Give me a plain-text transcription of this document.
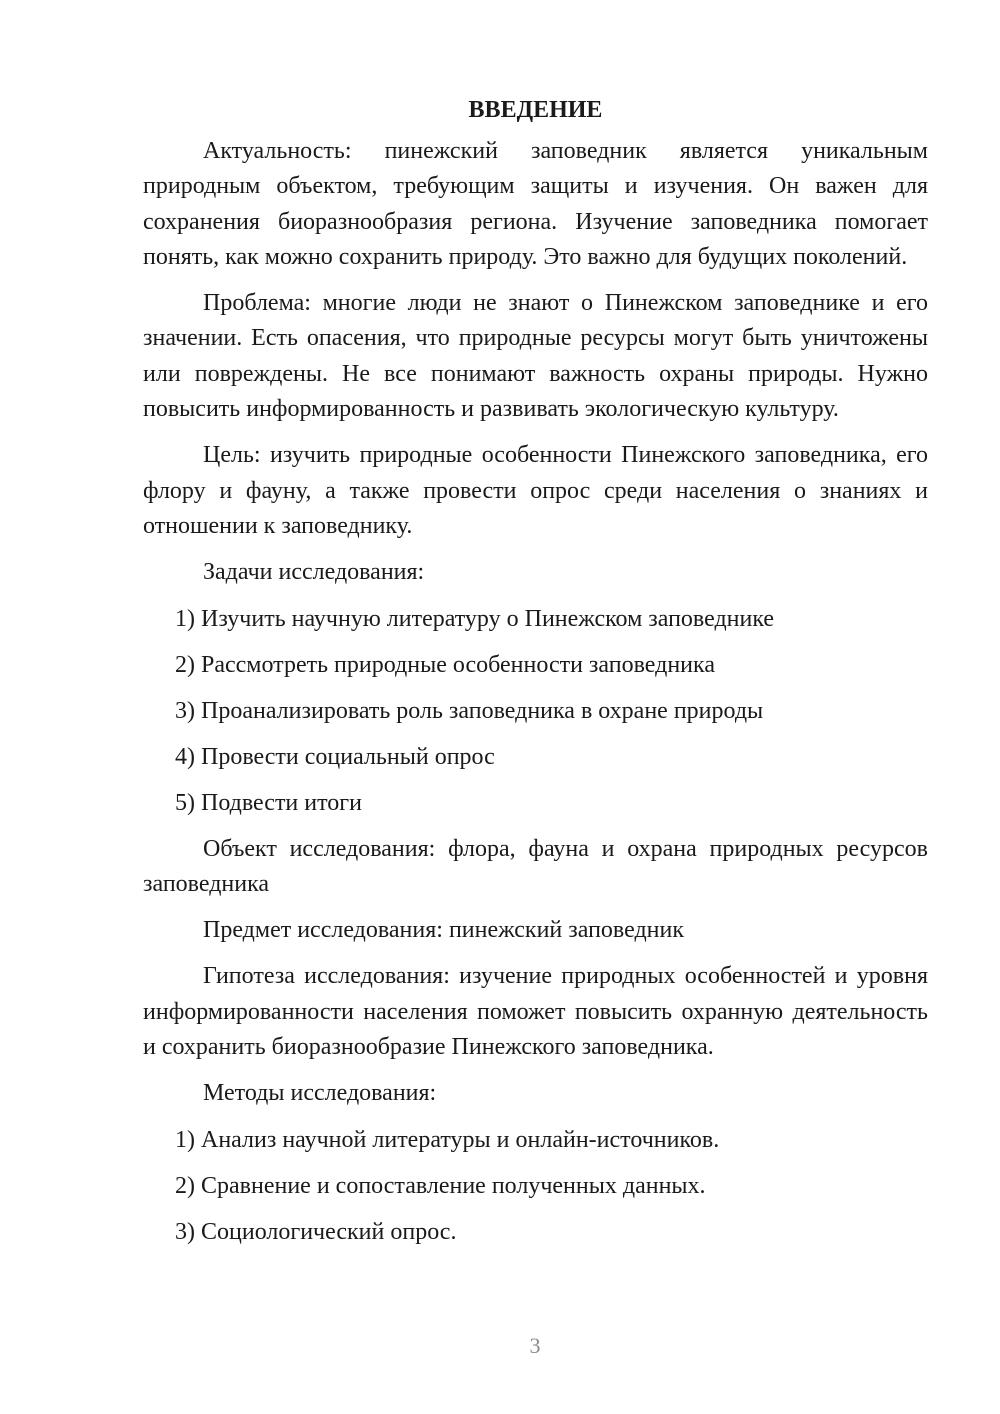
ВВЕДЕНИЕ

Актуальность: пинежский заповедник является уникальным природным объектом, требующим защиты и изучения. Он важен для сохранения биоразнообразия региона. Изучение заповедника помогает понять, как можно сохранить природу. Это важно для будущих поколений.

Проблема: многие люди не знают о Пинежском заповеднике и его значении. Есть опасения, что природные ресурсы могут быть уничтожены или повреждены. Не все понимают важность охраны природы. Нужно повысить информированность и развивать экологическую культуру.

Цель: изучить природные особенности Пинежского заповедника, его флору и фауну, а также провести опрос среди населения о знаниях и отношении к заповеднику.

Задачи исследования:

1) Изучить научную литературу о Пинежском заповеднике
2) Рассмотреть природные особенности заповедника
3) Проанализировать роль заповедника в охране природы
4) Провести социальный опрос
5) Подвести итоги

Объект исследования: флора, фауна и охрана природных ресурсов заповедника

Предмет исследования: пинежский заповедник

Гипотеза исследования: изучение природных особенностей и уровня информированности населения поможет повысить охранную деятельность и сохранить биоразнообразие Пинежского заповедника.

Методы исследования:

1) Анализ научной литературы и онлайн-источников.
2) Сравнение и сопоставление полученных данных.
3) Социологический опрос.
3
